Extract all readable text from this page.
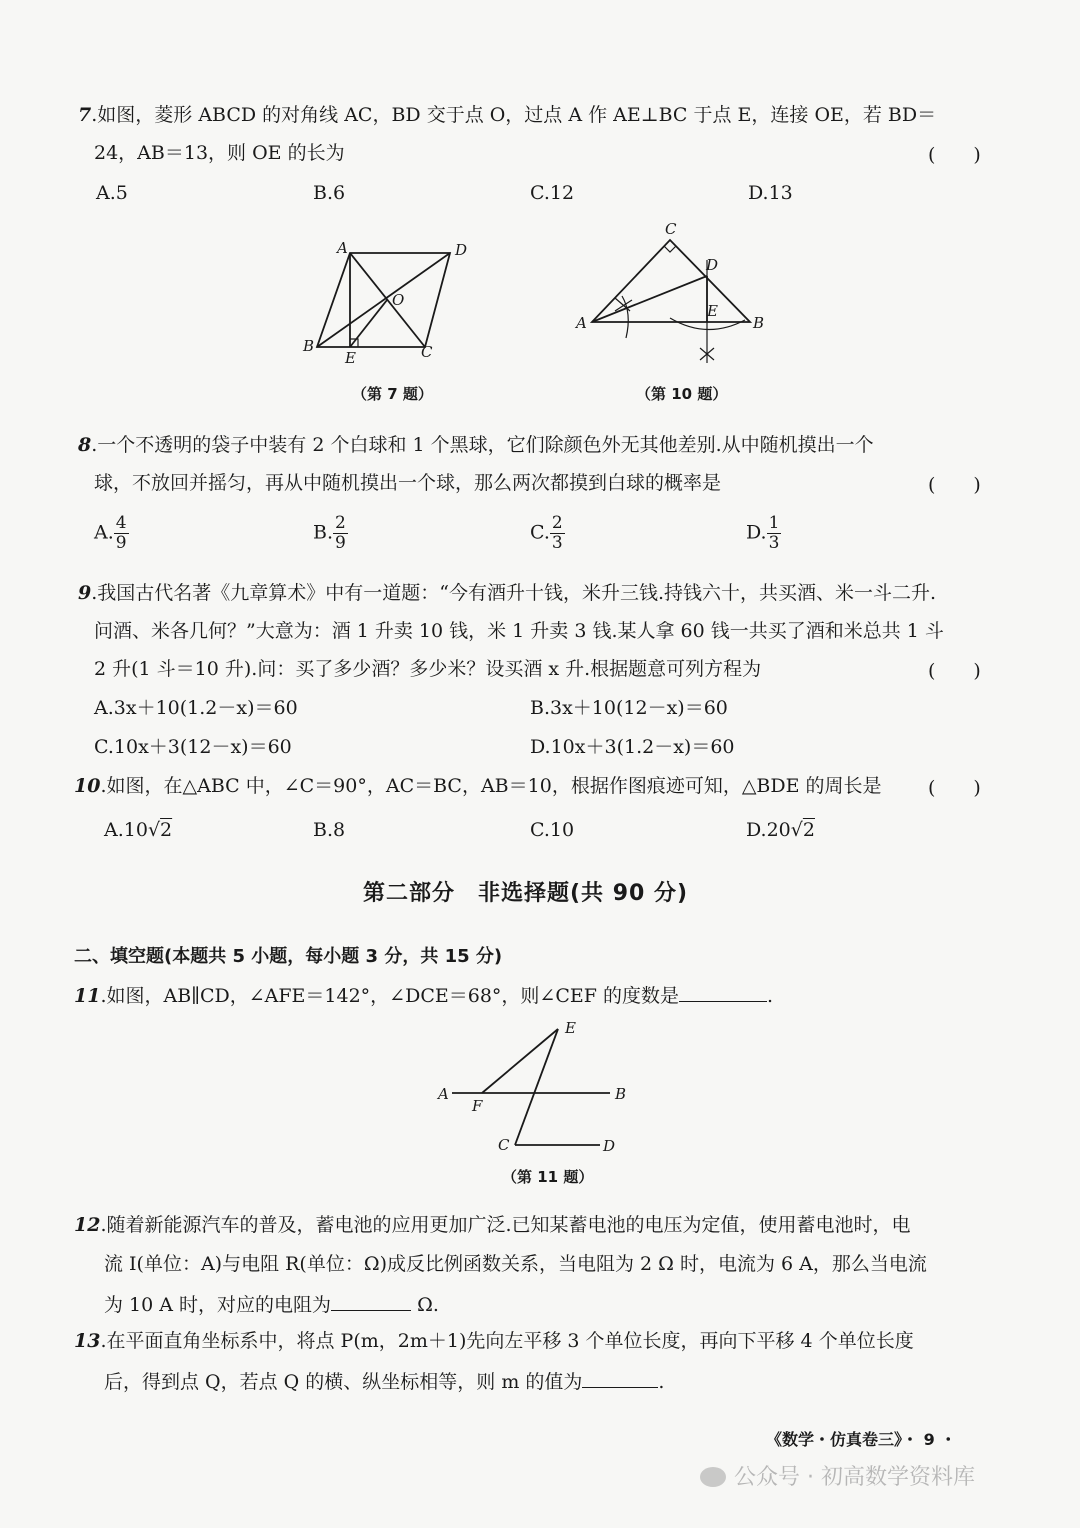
7.如图，菱形 ABCD 的对角线 AC，BD 交于点 O，过点 A 作 AE⊥BC 于点 E，连接 OE，若 BD＝
24，AB＝13，则 OE 的长为	(　　)
A.5	B.6	C.12	D.13
A	D
O
B
E	C
（第 7 题）
C
D
E
A	B
（第 10 题）
8.一个不透明的袋子中装有 2 个白球和 1 个黑球，它们除颜色外无其他差别.从中随机摸出一个
球，不放回并摇匀，再从中随机摸出一个球，那么两次都摸到白球的概率是	(　　)
A. $\frac{4}{9}$	B. $\frac{2}{9}$	C. $\frac{2}{3}$	D. $\frac{1}{3}$
9.我国古代名著《九章算术》中有一道题：“今有酒升十钱，米升三钱.持钱六十，共买酒、米一斗二升.
问酒、米各几何？”大意为：酒 1 升卖 10 钱，米 1 升卖 3 钱.某人拿 60 钱一共买了酒和米总共 1 斗
2 升(1 斗＝10 升).问：买了多少酒？多少米？设买酒 x 升.根据题意可列方程为	(　　)
A.3x＋10(1.2－x)＝60	B.3x＋10(12－x)＝60
C.10x＋3(12－x)＝60	D.10x＋3(1.2－x)＝60
10.如图，在△ABC 中，∠C＝90°，AC＝BC，AB＝10，根据作图痕迹可知，△BDE 的周长是 (　　)
A.10√2	B.8	C.10	D.20√2
第二部分　非选择题(共 90 分)
二、填空题(本题共 5 小题，每小题 3 分，共 15 分)
11.如图，AB∥CD，∠AFE＝142°，∠DCE＝68°，则∠CEF 的度数是	.
E
A	B
F
C	D
（第 11 题）
12.随着新能源汽车的普及，蓄电池的应用更加广泛.已知某蓄电池的电压为定值，使用蓄电池时，电
流 I(单位：A)与电阻 R(单位：Ω)成反比例函数关系，当电阻为 2 Ω 时，电流为 6 A，那么当电流
为 10 A 时，对应的电阻为	Ω.
13.在平面直角坐标系中，将点 P(m，2m＋1)先向左平移 3 个单位长度，再向下平移 4 个单位长度
后，得到点 Q，若点 Q 的横、纵坐标相等，则 m 的值为	.
《数学・仿真卷三》・ 9 ・
公众号 · 初高数学资料库
